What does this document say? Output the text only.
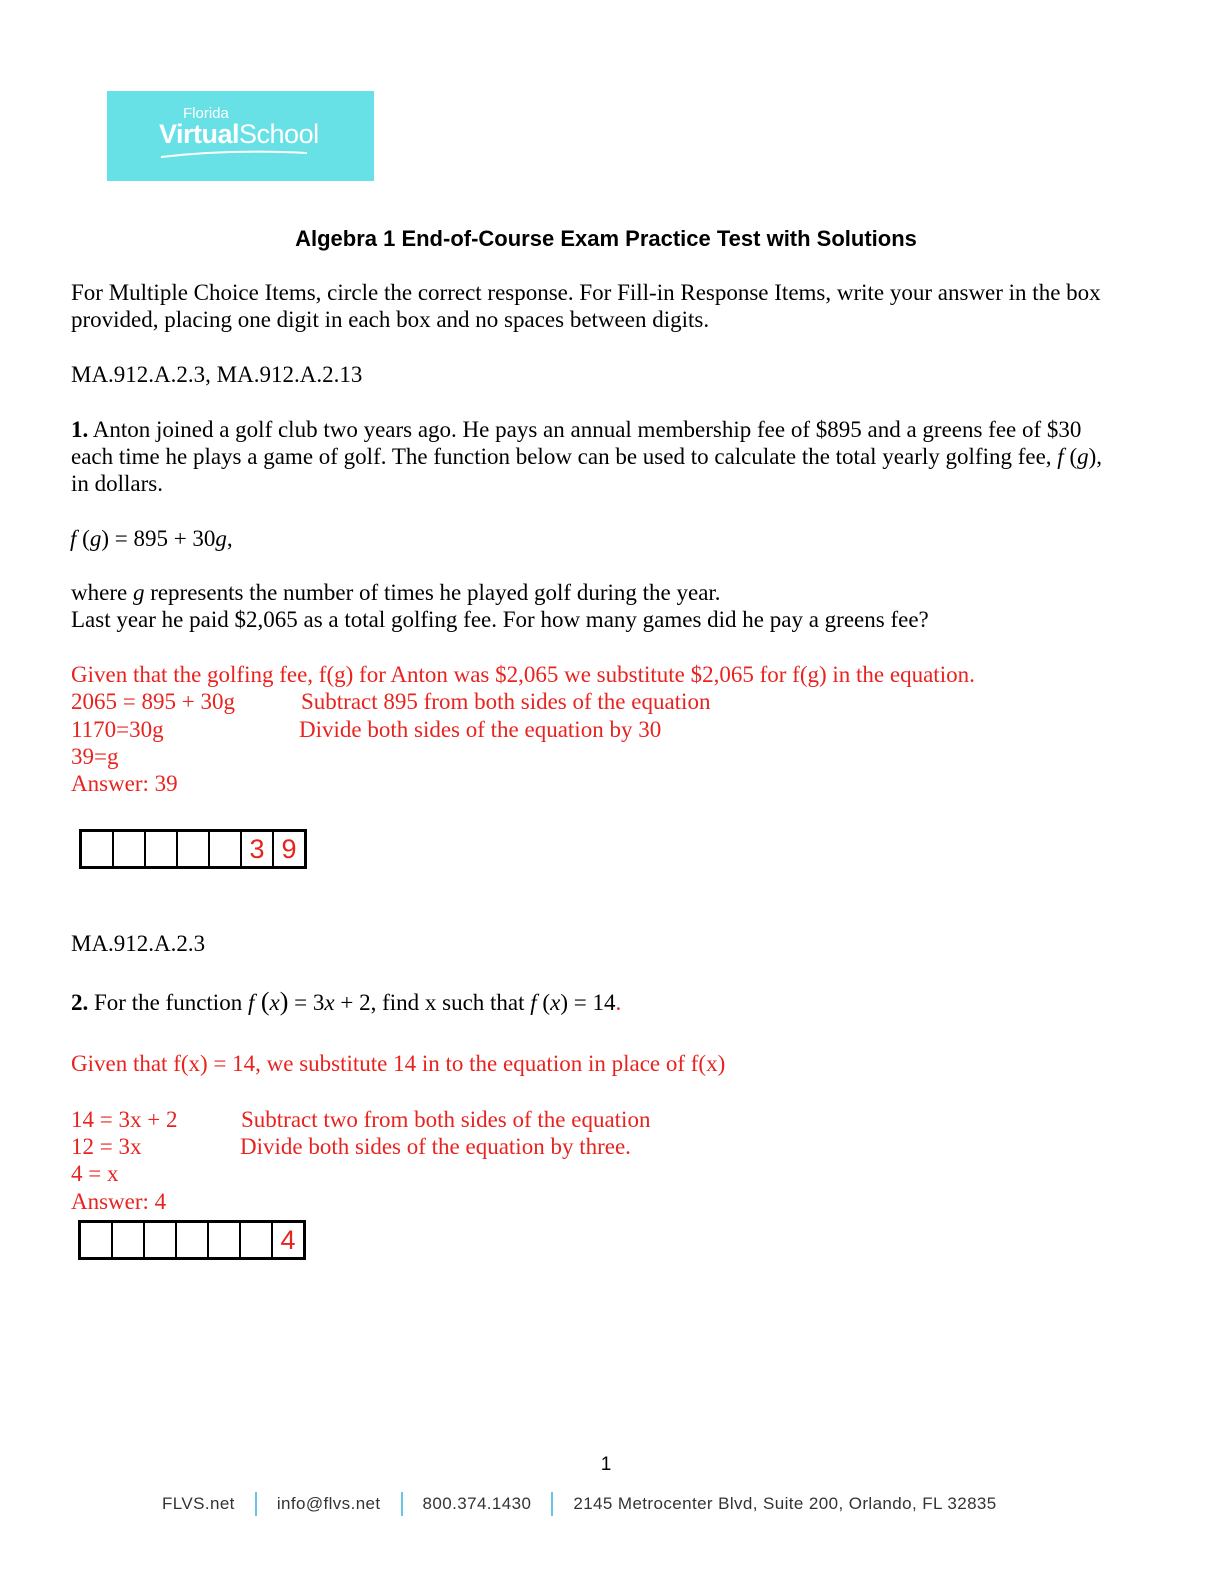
Florida
VirtualSchool
Algebra 1 End-of-Course Exam Practice Test with Solutions
For Multiple Choice Items, circle the correct response. For Fill-in Response Items, write your answer in the box
provided, placing one digit in each box and no spaces between digits.
MA.912.A.2.3, MA.912.A.2.13
1. Anton joined a golf club two years ago. He pays an annual membership fee of $895 and a greens fee of $30
each time he plays a game of golf. The function below can be used to calculate the total yearly golfing fee, f (g),
in dollars.
f (g) = 895 + 30g,
where g represents the number of times he played golf during the year.
Last year he paid $2,065 as a total golfing fee. For how many games did he pay a greens fee?
Given that the golfing fee, f(g) for Anton was $2,065 we substitute $2,065 for f(g) in the equation.
2065 = 895 + 30g	Subtract 895 from both sides of the equation
1170=30g	Divide both sides of the equation by 30
39=g
Answer: 39
3 9
MA.912.A.2.3
2. For the function f (x) = 3x + 2, find x such that f (x) = 14.
Given that f(x) = 14, we substitute 14 in to the equation in place of f(x)
14 = 3x + 2	Subtract two from both sides of the equation
12 = 3x	Divide both sides of the equation by three.
4 = x
Answer: 4
4
1
FLVS.net info@flvs.net 800.374.1430 2145 Metrocenter Blvd, Suite 200, Orlando, FL 32835
